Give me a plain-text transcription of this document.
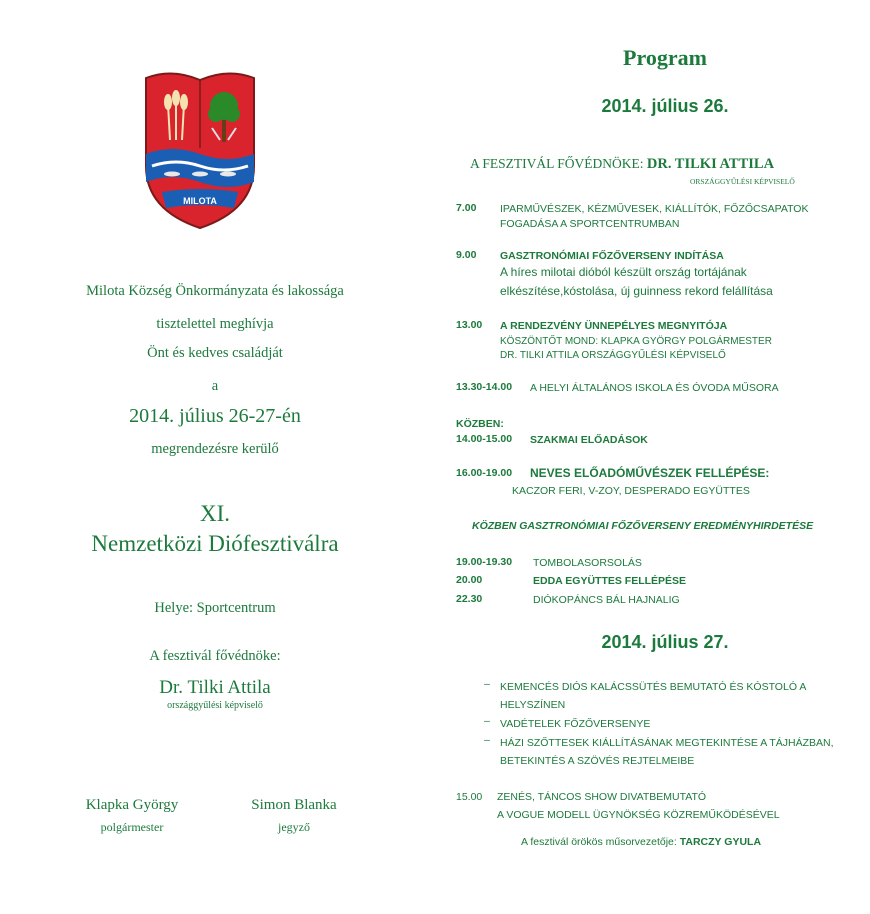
MILOTA
Milota Község Önkormányzata és lakossága
tisztelettel meghívja
Önt és kedves családját
a
2014. július 26-27-én
megrendezésre kerülő
XI.
Nemzetközi Diófesztiválra
Helye: Sportcentrum
A fesztivál fővédnöke:
Dr. Tilki Attila
országgyűlési képviselő
Klapka György
polgármester
Simon Blanka
jegyző
Program
2014. július 26.
A FESZTIVÁL FŐVÉDNÖKE: DR. TILKI ATTILA
ORSZÁGGYŰLÉSI KÉPVISELŐ
7.00 IPARMŰVÉSZEK, KÉZMŰVESEK, KIÁLLÍTÓK, FŐZŐCSAPATOK
FOGADÁSA A SPORTCENTRUMBAN
9.00 GASZTRONÓMIAI FŐZŐVERSENY INDÍTÁSA
A híres milotai dióból készült ország tortájának
elkészítése,kóstolása, új guinness rekord felállítása
13.00 A RENDEZVÉNY ÜNNEPÉLYES MEGNYITÓJA
KÖSZÖNTŐT MOND: KLAPKA GYÖRGY POLGÁRMESTER
DR. TILKI ATTILA ORSZÁGGYŰLÉSI KÉPVISELŐ
13.30-14.00 A HELYI ÁLTALÁNOS ISKOLA ÉS ÓVODA MŰSORA
KÖZBEN:
14.00-15.00 SZAKMAI ELŐADÁSOK
16.00-19.00 NEVES ELŐADÓMŰVÉSZEK FELLÉPÉSE:
KACZOR FERI, V-ZOY, DESPERADO EGYÜTTES
KÖZBEN GASZTRONÓMIAI FŐZŐVERSENY EREDMÉNYHIRDETÉSE
19.00-19.30 TOMBOLASORSOLÁS
20.00	EDDA EGYÜTTES FELLÉPÉSE
22.30	DIÓKOPÁNCS BÁL HAJNALIG
2014. július 27.
– KEMENCÉS DIÓS KALÁCSSÜTÉS BEMUTATÓ ÉS KÓSTOLÓ A
HELYSZÍNEN
– VADÉTELEK FŐZŐVERSENYE
– HÁZI SZŐTTESEK KIÁLLÍTÁSÁNAK MEGTEKINTÉSE A TÁJHÁZBAN,
BETEKINTÉS A SZÖVÉS REJTELMEIBE
15.00 ZENÉS, TÁNCOS SHOW DIVATBEMUTATÓ
A VOGUE MODELL ÜGYNÖKSÉG KÖZREMŰKÖDÉSÉVEL
A fesztivál örökös műsorvezetője: TARCZY GYULA
